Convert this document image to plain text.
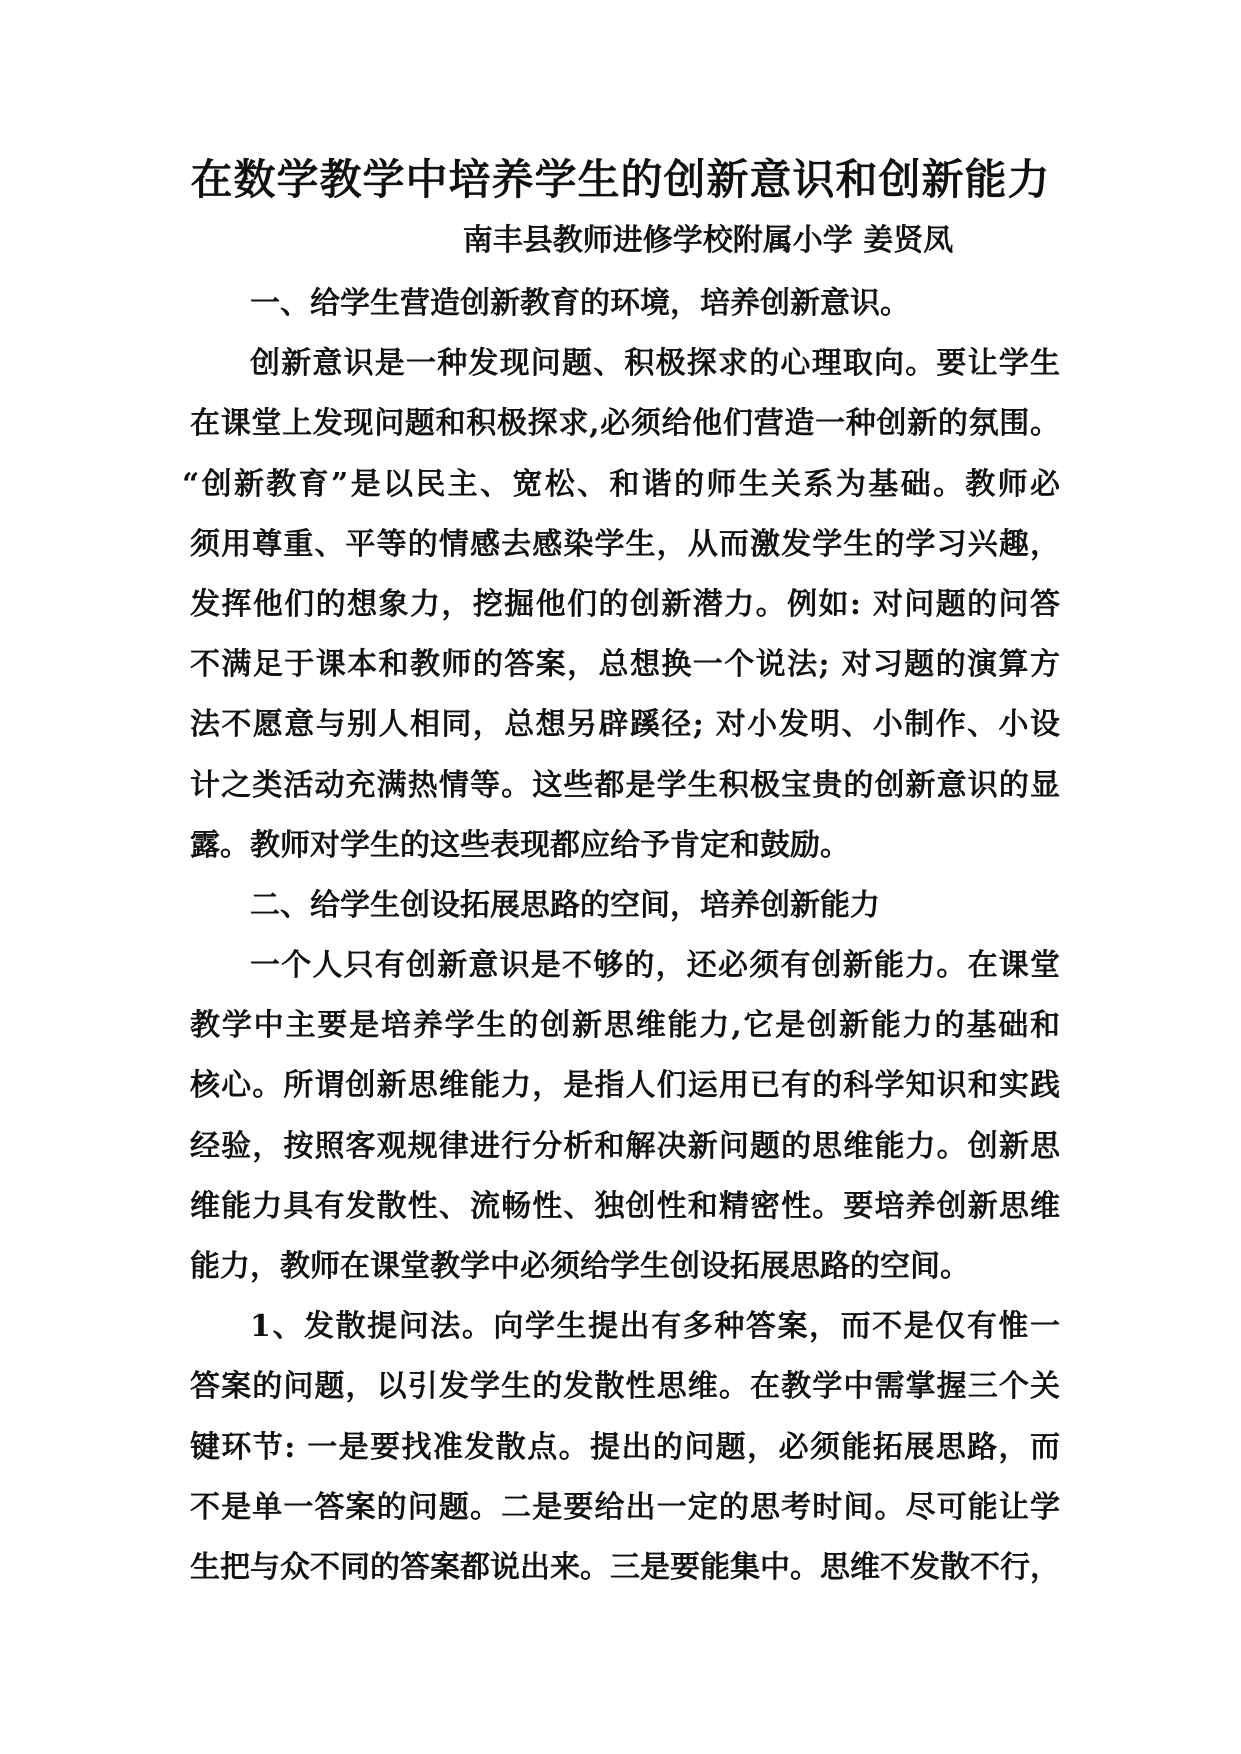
在数学教学中培养学生的创新意识和创新能力
南丰县教师进修学校附属小学 姜贤凤
一、给学生营造创新教育的环境，培养创新意识。
创新意识是一种发现问题、积极探求的心理取向。要让学生
在课堂上发现问题和积极探求,必须给他们营造一种创新的氛围。
“创新教育”是以民主、宽松、和谐的师生关系为基础。教师必
须用尊重、平等的情感去感染学生，从而激发学生的学习兴趣，
发挥他们的想象力，挖掘他们的创新潜力。例如: 对问题的问答
不满足于课本和教师的答案，总想换一个说法; 对习题的演算方
法不愿意与别人相同，总想另辟蹊径; 对小发明、小制作、小设
计之类活动充满热情等。这些都是学生积极宝贵的创新意识的显
露。教师对学生的这些表现都应给予肯定和鼓励。
二、给学生创设拓展思路的空间，培养创新能力
一个人只有创新意识是不够的，还必须有创新能力。在课堂
教学中主要是培养学生的创新思维能力,它是创新能力的基础和
核心。所谓创新思维能力，是指人们运用已有的科学知识和实践
经验，按照客观规律进行分析和解决新问题的思维能力。创新思
维能力具有发散性、流畅性、独创性和精密性。要培养创新思维
能力，教师在课堂教学中必须给学生创设拓展思路的空间。
1、发散提问法。向学生提出有多种答案，而不是仅有惟一
答案的问题，以引发学生的发散性思维。在教学中需掌握三个关
键环节: 一是要找准发散点。提出的问题，必须能拓展思路，而
不是单一答案的问题。二是要给出一定的思考时间。尽可能让学
生把与众不同的答案都说出来。三是要能集中。思维不发散不行，
